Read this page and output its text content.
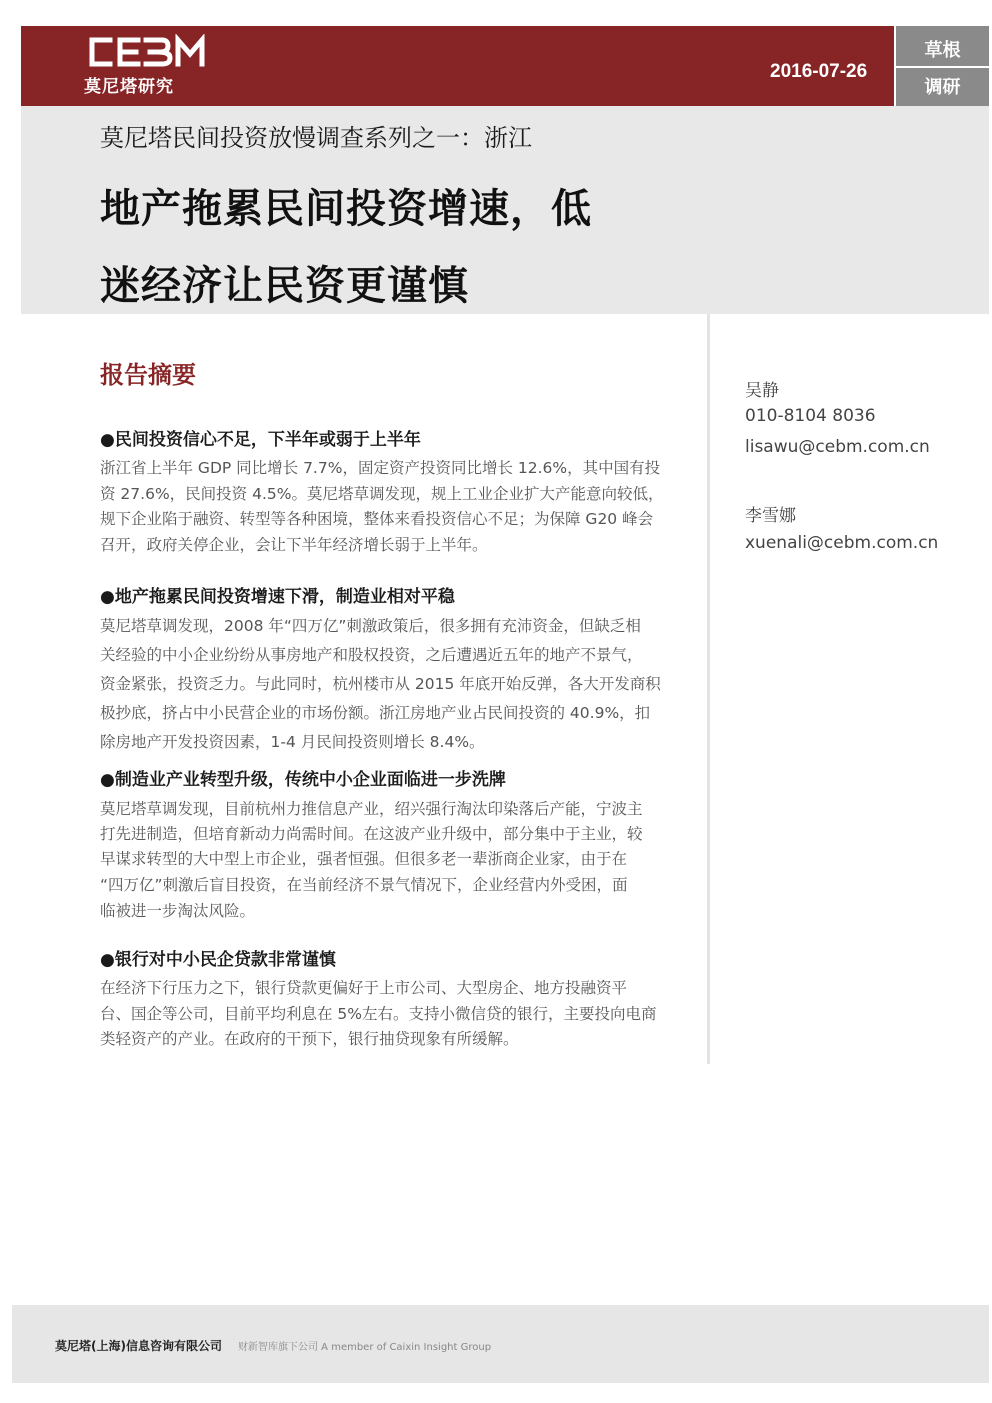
莫尼塔研究
2016-07-26
草根
调研
莫尼塔民间投资放慢调查系列之一：浙江
地产拖累民间投资增速，低
迷经济让民资更谨慎
报告摘要
●民间投资信心不足，下半年或弱于上半年
浙江省上半年 GDP 同比增长 7.7%，固定资产投资同比增长 12.6%，其中国有投
资 27.6%，民间投资 4.5%。莫尼塔草调发现，规上工业企业扩大产能意向较低，
规下企业陷于融资、转型等各种困境，整体来看投资信心不足；为保障 G20 峰会
召开，政府关停企业，会让下半年经济增长弱于上半年。
●地产拖累民间投资增速下滑，制造业相对平稳
莫尼塔草调发现，2008 年“四万亿”刺激政策后，很多拥有充沛资金，但缺乏相
关经验的中小企业纷纷从事房地产和股权投资，之后遭遇近五年的地产不景气，
资金紧张，投资乏力。与此同时，杭州楼市从 2015 年底开始反弹，各大开发商积
极抄底，挤占中小民营企业的市场份额。浙江房地产业占民间投资的 40.9%，扣
除房地产开发投资因素，1-4 月民间投资则增长 8.4%。
●制造业产业转型升级，传统中小企业面临进一步洗牌
莫尼塔草调发现，目前杭州力推信息产业，绍兴强行淘汰印染落后产能，宁波主
打先进制造，但培育新动力尚需时间。在这波产业升级中，部分集中于主业，较
早谋求转型的大中型上市企业，强者恒强。但很多老一辈浙商企业家，由于在
“四万亿”刺激后盲目投资，在当前经济不景气情况下，企业经营内外受困，面
临被进一步淘汰风险。
●银行对中小民企贷款非常谨慎
在经济下行压力之下，银行贷款更偏好于上市公司、大型房企、地方投融资平
台、国企等公司，目前平均利息在 5%左右。支持小微信贷的银行，主要投向电商
类轻资产的产业。在政府的干预下，银行抽贷现象有所缓解。
吴静
010-8104 8036
lisawu@cebm.com.cn
李雪娜
xuenali@cebm.com.cn
莫尼塔(上海)信息咨询有限公司 财新智库旗下公司 A member of Caixin Insight Group
